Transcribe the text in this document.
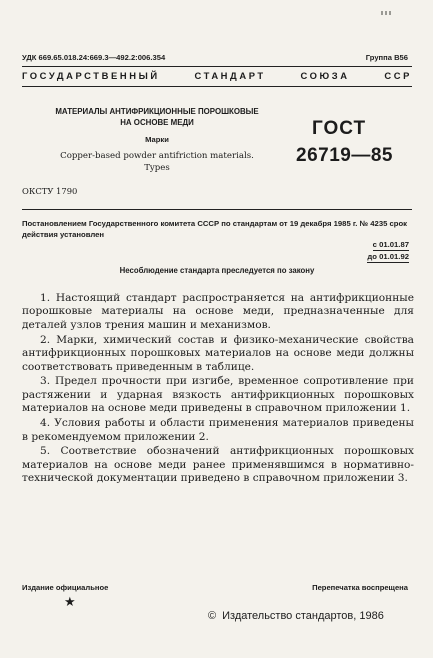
УДК 669.65.018.24:669.3—492.2:006.354	Группа В56
ГОСУДАРСТВЕННЫЙ СТАНДАРТ СОЮЗА ССР
МАТЕРИАЛЫ АНТИФРИКЦИОННЫЕ ПОРОШКОВЫЕ
НА ОСНОВЕ МЕДИ
Марки
Copper-based powder antifriction materials.
Types
ГОСТ
26719—85
ОКСТУ 1790
Постановлением Государственного комитета СССР по стандартам от 19 декабря 1985 г. № 4235 срок действия установлен
с 01.01.87
до 01.01.92
Несоблюдение стандарта преследуется по закону

1. Настоящий стандарт распространяется на антифрикционные порошковые материалы на основе меди, предназначенные для деталей узлов трения машин и механизмов.

2. Марки, химический состав и физико-механические свойства антифрикционных порошковых материалов на основе меди должны соответствовать приведенным в таблице.

3. Предел прочности при изгибе, временное сопротивление при растяжении и ударная вязкость антифрикционных порошковых материалов на основе меди приведены в справочном приложении 1.

4. Условия работы и области применения материалов приведены в рекомендуемом приложении 2.

5. Соответствие обозначений антифрикционных порошковых материалов на основе меди ранее применявшимся в нормативно-технической документации приведено в справочном приложении 3.

Издание официальное	Перепечатка воспрещена
★
© Издательство стандартов, 1986
